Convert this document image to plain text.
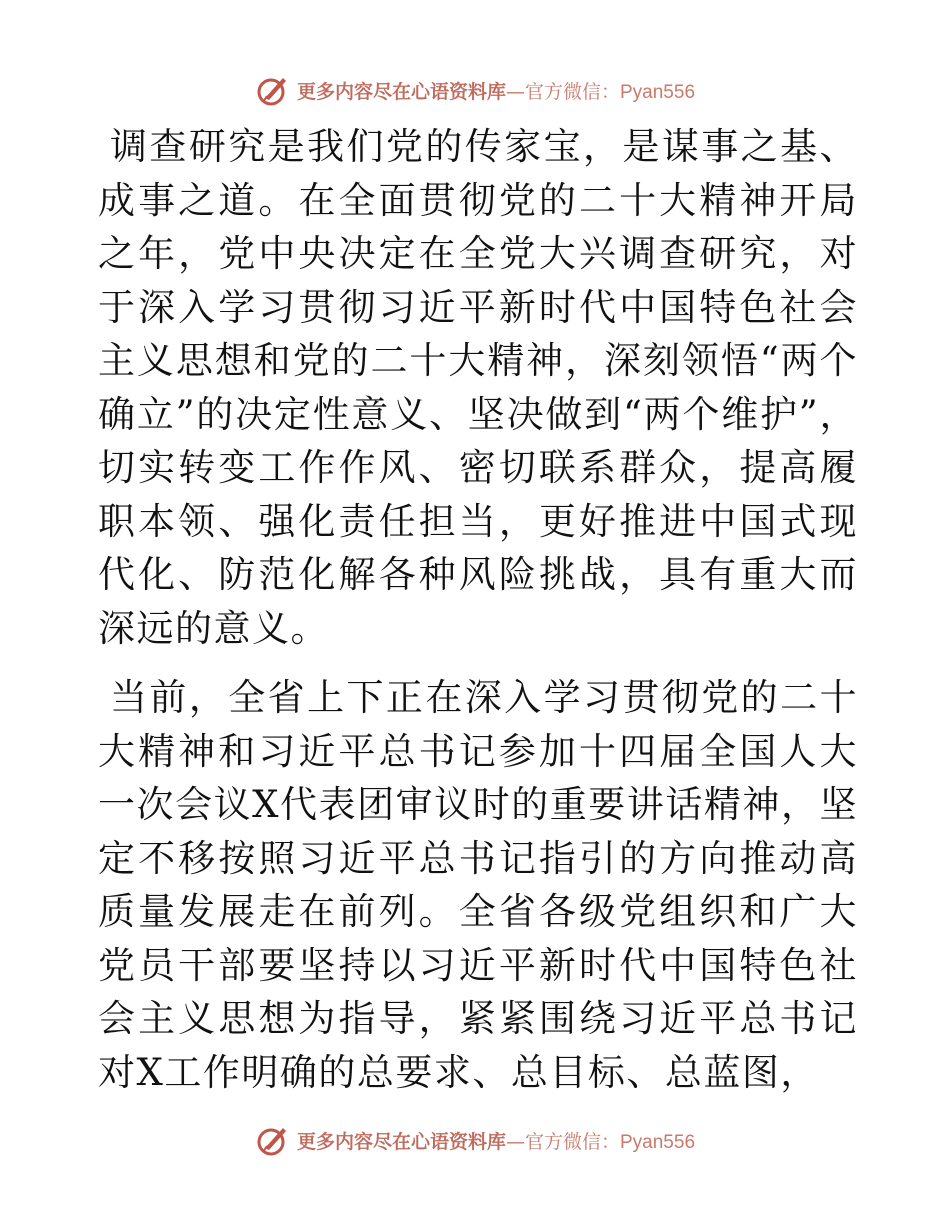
更多内容尽在心语资料库—官方微信：Pyan556

调查研究是我们党的传家宝，是谋事之基、成事之道。在全面贯彻党的二十大精神开局之年，党中央决定在全党大兴调查研究，对于深入学习贯彻习近平新时代中国特色社会主义思想和党的二十大精神，深刻领悟“两个确立”的决定性意义、坚决做到“两个维护”，切实转变工作作风、密切联系群众，提高履职本领、强化责任担当，更好推进中国式现代化、防范化解各种风险挑战，具有重大而深远的意义。

当前，全省上下正在深入学习贯彻党的二十大精神和习近平总书记参加十四届全国人大一次会议X代表团审议时的重要讲话精神，坚定不移按照习近平总书记指引的方向推动高质量发展走在前列。全省各级党组织和广大党员干部要坚持以习近平新时代中国特色社会主义思想为指导，紧紧围绕习近平总书记对X工作明确的总要求、总目标、总蓝图，

更多内容尽在心语资料库—官方微信：Pyan556
